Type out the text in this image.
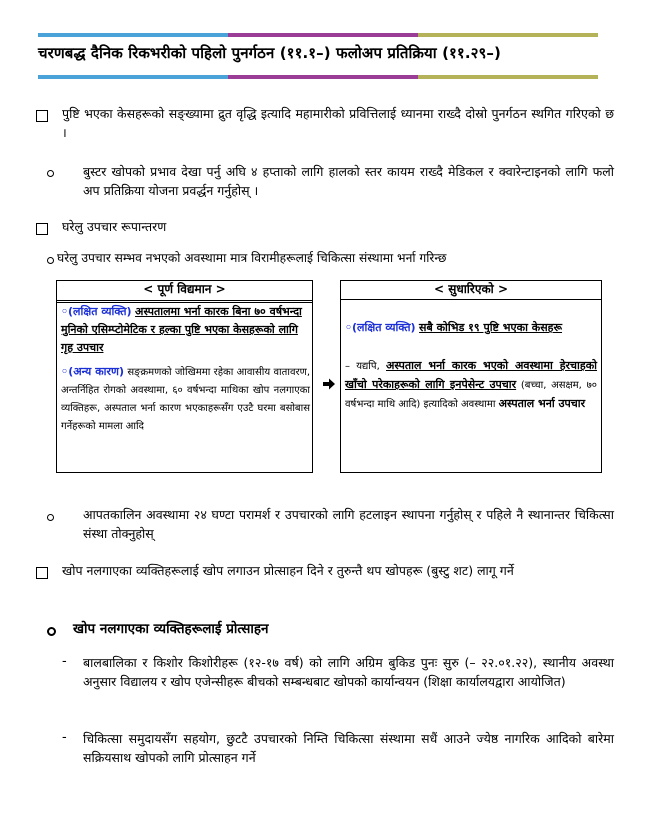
चरणबद्ध दैनिक रिकभरीको पहिलो पुनर्गठन (११.१–) फलोअप प्रतिक्रिया (११.२९–)
पुष्टि भएका केसहरूको सङ्ख्यामा द्रुत वृद्धि इत्यादि महामारीको प्रवित्तिलाई ध्यानमा राख्दै दोस्रो पुनर्गठन स्थगित गरिएको छ ।
बुस्टर खोपको प्रभाव देखा पर्नु अघि ४ हप्ताको लागि हालको स्तर कायम राख्दै मेडिकल र क्वारेन्टाइनको लागि फलो अप प्रतिक्रिया योजना प्रवर्द्धन गर्नुहोस् ।
घरेलु उपचार रूपान्तरण
घरेलु उपचार सम्भव नभएको अवस्थामा मात्र विरामीहरूलाई चिकित्सा संस्थामा भर्ना गरिन्छ
< पूर्ण विद्यमान >
◦(लक्षित व्यक्ति) अस्पतालमा भर्ना कारक बिना ७० वर्षभन्दा मुनिको एसिम्प्टोमेटिक र हल्का पुष्टि भएका केसहरूको लागि गृह उपचार
◦(अन्य कारण) सङ्क्रमणको जोखिममा रहेका आवासीय वातावरण, अन्तर्निहित रोगको अवस्थामा, ६० वर्षभन्दा माथिका खोप नलगाएका व्यक्तिहरू, अस्पताल भर्ना कारण भएकाहरूसँग एउटै घरमा बसोबास गर्नेहरूको मामला आदि
< सुधारिएको >
◦(लक्षित व्यक्ति) सबै कोभिड १९ पुष्टि भएका केसहरू
– यद्यपि, अस्पताल भर्ना कारक भएको अवस्थामा हेरचाहको खाँचो परेकाहरूको लागि इनपेसेन्ट उपचार (बच्चा, असक्षम, ७० वर्षभन्दा माथि आदि) इत्यादिको अवस्थामा अस्पताल भर्ना उपचार
आपतकालिन अवस्थामा २४ घण्टा परामर्श र उपचारको लागि हटलाइन स्थापना गर्नुहोस् र पहिले नै स्थानान्तर चिकित्सा संस्था तोक्नुहोस्
खोप नलगाएका व्यक्तिहरूलाई खोप लगाउन प्रोत्साहन दिने र तुरुन्तै थप खोपहरू (बुस्टु शट) लागू गर्ने
खोप नलगाएका व्यक्तिहरूलाई प्रोत्साहन
- बालबालिका र किशोर किशोरीहरू (१२-१७ वर्ष) को लागि अग्रिम बुकिड पुनः सुरु (– २२.०१.२२), स्थानीय अवस्था अनुसार विद्यालय र खोप एजेन्सीहरू बीचको सम्बन्धबाट खोपको कार्यान्वयन (शिक्षा कार्यालयद्वारा आयोजित)
- चिकित्सा समुदायसँग सहयोग, छुटटै उपचारको निम्ति चिकित्सा संस्थामा सधैं आउने ज्येष्ठ नागरिक आदिको बारेमा सक्रियसाथ खोपको लागि प्रोत्साहन गर्ने
